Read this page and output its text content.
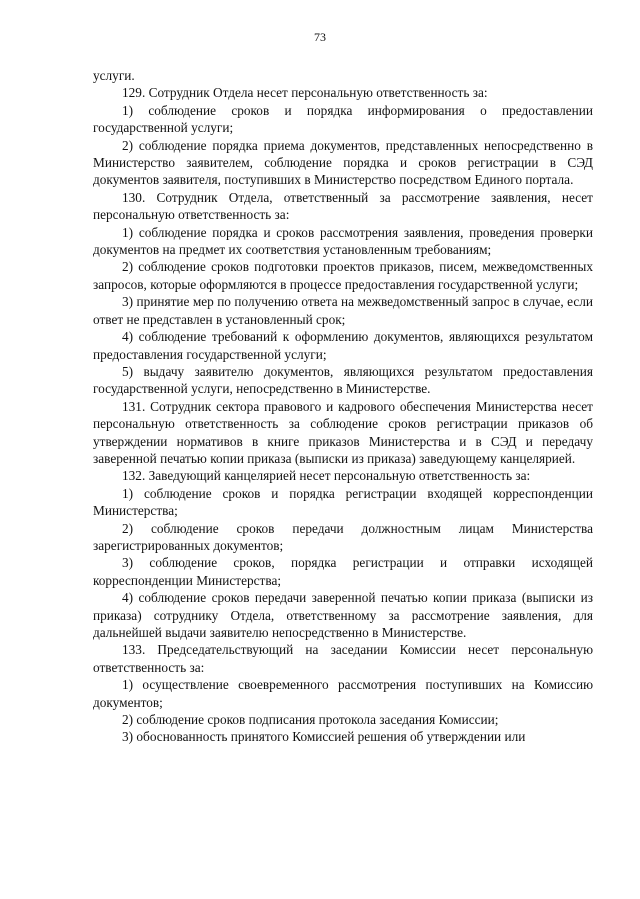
73

услуги.

129. Сотрудник Отдела несет персональную ответственность за:

1) соблюдение сроков и порядка информирования о предоставлении государственной услуги;

2) соблюдение порядка приема документов, представленных непосредственно в Министерство заявителем, соблюдение порядка и сроков регистрации в СЭД документов заявителя, поступивших в Министерство посредством Единого портала.

130. Сотрудник Отдела, ответственный за рассмотрение заявления, несет персональную ответственность за:

1) соблюдение порядка и сроков рассмотрения заявления, проведения проверки документов на предмет их соответствия установленным требованиям;

2) соблюдение сроков подготовки проектов приказов, писем, межведомственных запросов, которые оформляются в процессе предоставления государственной услуги;

3) принятие мер по получению ответа на межведомственный запрос в случае, если ответ не представлен в установленный срок;

4) соблюдение требований к оформлению документов, являющихся результатом предоставления государственной услуги;

5) выдачу заявителю документов, являющихся результатом предоставления государственной услуги, непосредственно в Министерстве.

131. Сотрудник сектора правового и кадрового обеспечения Министерства несет персональную ответственность за соблюдение сроков регистрации приказов об утверждении нормативов в книге приказов Министерства и в СЭД и передачу заверенной печатью копии приказа (выписки из приказа) заведующему канцелярией.

132. Заведующий канцелярией несет персональную ответственность за:

1) соблюдение сроков и порядка регистрации входящей корреспонденции Министерства;

2) соблюдение сроков передачи должностным лицам Министерства зарегистрированных документов;

3) соблюдение сроков, порядка регистрации и отправки исходящей корреспонденции Министерства;

4) соблюдение сроков передачи заверенной печатью копии приказа (выписки из приказа) сотруднику Отдела, ответственному за рассмотрение заявления, для дальнейшей выдачи заявителю непосредственно в Министерстве.

133. Председательствующий на заседании Комиссии несет персональную ответственность за:

1) осуществление своевременного рассмотрения поступивших на Комиссию документов;

2) соблюдение сроков подписания протокола заседания Комиссии;

3) обоснованность принятого Комиссией решения об утверждении или
